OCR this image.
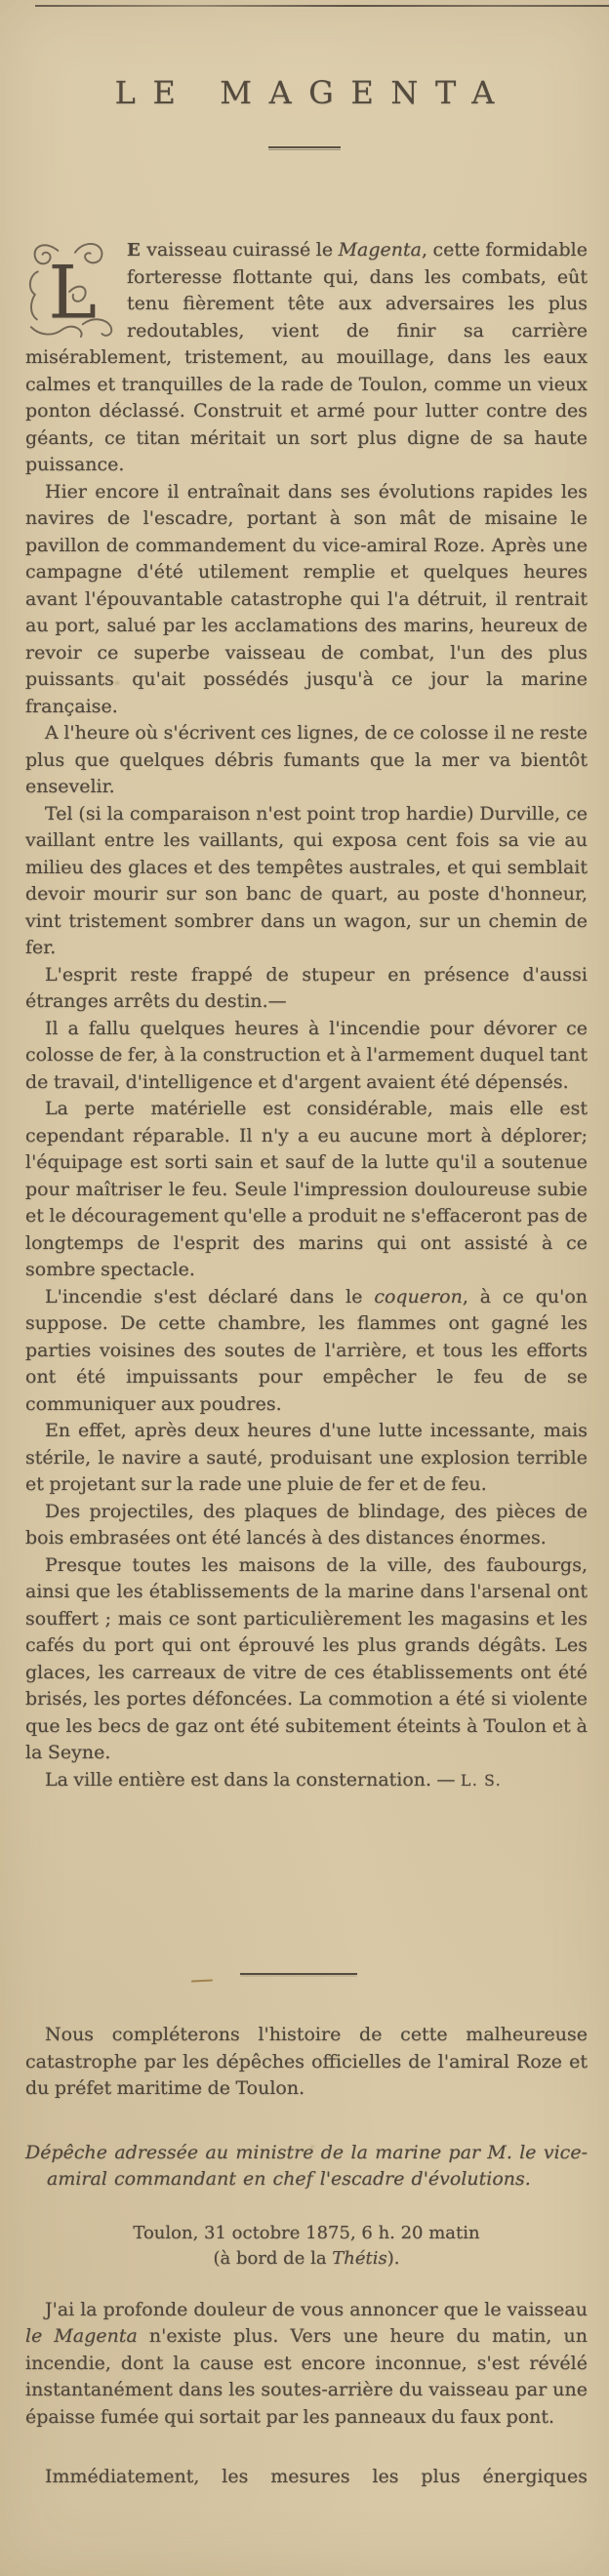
LE MAGENTA

L E vaisseau cuirassé le Magenta, cette formidable forteresse flottante qui, dans les combats, eût tenu fièrement tête aux adversaires les plus redoutables, vient de finir sa carrière misérablement, tristement, au mouillage, dans les eaux calmes et tranquilles de la rade de Toulon, comme un vieux ponton déclassé. Construit et armé pour lutter contre des géants, ce titan méritait un sort plus digne de sa haute puissance.

Hier encore il entraînait dans ses évolutions rapides les navires de l'escadre, portant à son mât de misaine le pavillon de commandement du vice-amiral Roze. Après une campagne d'été utilement remplie et quelques heures avant l'épouvantable catastrophe qui l'a détruit, il rentrait au port, salué par les acclamations des marins, heureux de revoir ce superbe vaisseau de combat, l'un des plus puissants qu'ait possédés jusqu'à ce jour la marine française.

A l'heure où s'écrivent ces lignes, de ce colosse il ne reste plus que quelques débris fumants que la mer va bientôt ensevelir.

Tel (si la comparaison n'est point trop hardie) Durville, ce vaillant entre les vaillants, qui exposa cent fois sa vie au milieu des glaces et des tempêtes australes, et qui semblait devoir mourir sur son banc de quart, au poste d'honneur, vint tristement sombrer dans un wagon, sur un chemin de fer.

L'esprit reste frappé de stupeur en présence d'aussi étranges arrêts du destin.—

Il a fallu quelques heures à l'incendie pour dévorer ce colosse de fer, à la construction et à l'armement duquel tant de travail, d'intelligence et d'argent avaient été dépensés.

La perte matérielle est considérable, mais elle est cependant réparable. Il n'y a eu aucune mort à déplorer; l'équipage est sorti sain et sauf de la lutte qu'il a soutenue pour maîtriser le feu. Seule l'impression douloureuse subie et le découragement qu'elle a produit ne s'effaceront pas de longtemps de l'esprit des marins qui ont assisté à ce sombre spectacle.

L'incendie s'est déclaré dans le coqueron, à ce qu'on suppose. De cette chambre, les flammes ont gagné les parties voisines des soutes de l'arrière, et tous les efforts ont été impuissants pour empêcher le feu de se communiquer aux poudres.

En effet, après deux heures d'une lutte incessante, mais stérile, le navire a sauté, produisant une explosion terrible et projetant sur la rade une pluie de fer et de feu.

Des projectiles, des plaques de blindage, des pièces de bois embrasées ont été lancés à des distances énormes.

Presque toutes les maisons de la ville, des faubourgs, ainsi que les établissements de la marine dans l'arsenal ont souffert ; mais ce sont particulièrement les magasins et les cafés du port qui ont éprouvé les plus grands dégâts. Les glaces, les carreaux de vitre de ces établissements ont été brisés, les portes défoncées. La commotion a été si violente que les becs de gaz ont été subitement éteints à Toulon et à la Seyne.

La ville entière est dans la consternation. — L. S.

Nous compléterons l'histoire de cette malheureuse catastrophe par les dépêches officielles de l'amiral Roze et du préfet maritime de Toulon.

Dépêche adressée au ministre de la marine par M. le vice-amiral commandant en chef l'escadre d'évolutions.

Toulon, 31 octobre 1875, 6 h. 20 matin
(à bord de la Thétis).

J'ai la profonde douleur de vous annoncer que le vaisseau le Magenta n'existe plus. Vers une heure du matin, un incendie, dont la cause est encore inconnue, s'est révélé instantanément dans les soutes-arrière du vaisseau par une épaisse fumée qui sortait par les panneaux du faux pont.

Immédiatement, les mesures les plus énergiques
